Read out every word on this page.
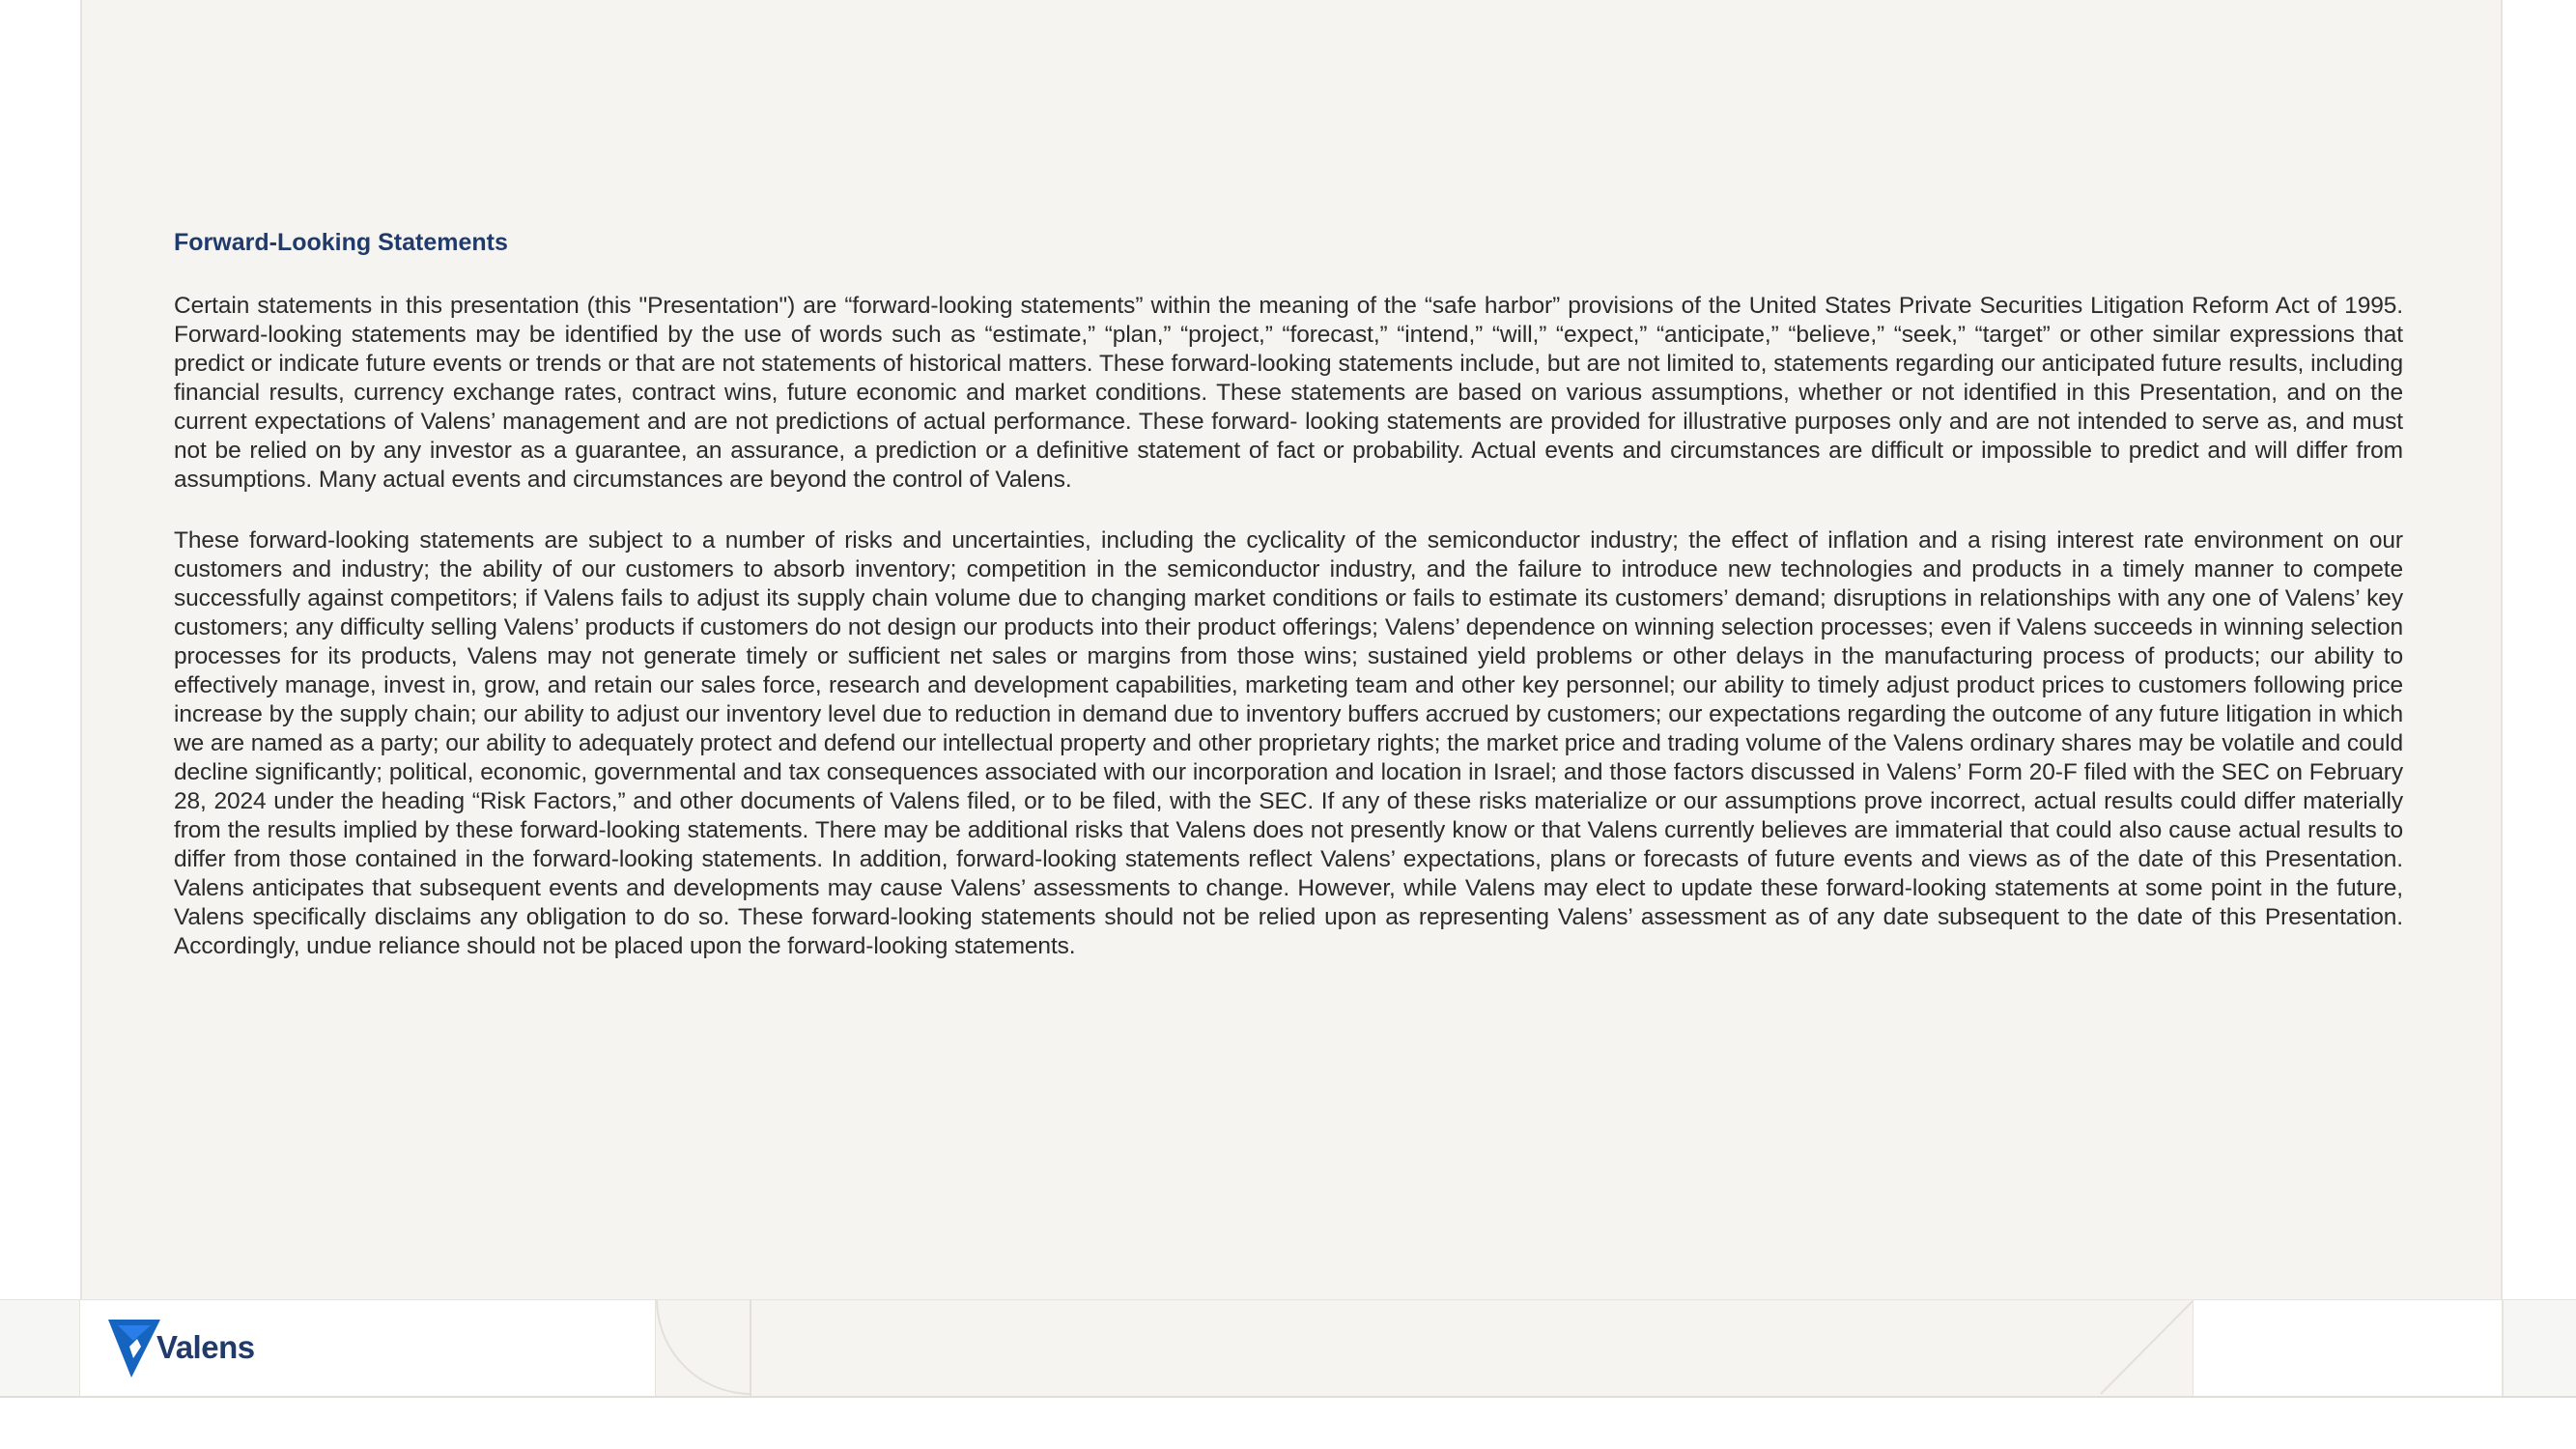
Forward-Looking Statements

Certain statements in this presentation (this "Presentation") are “forward-looking statements” within the meaning of the “safe harbor” provisions of the United States Private Securities Litigation Reform Act of 1995. Forward-looking statements may be identified by the use of words such as “estimate,” “plan,” “project,” “forecast,” “intend,” “will,” “expect,” “anticipate,” “believe,” “seek,” “target” or other similar expressions that predict or indicate future events or trends or that are not statements of historical matters. These forward-looking statements include, but are not limited to, statements regarding our anticipated future results, including financial results, currency exchange rates, contract wins, future economic and market conditions. These statements are based on various assumptions, whether or not identified in this Presentation, and on the current expectations of Valens’ management and are not predictions of actual performance. These forward- looking statements are provided for illustrative purposes only and are not intended to serve as, and must not be relied on by any investor as a guarantee, an assurance, a prediction or a definitive statement of fact or probability. Actual events and circumstances are difficult or impossible to predict and will differ from assumptions. Many actual events and circumstances are beyond the control of Valens.

These forward-looking statements are subject to a number of risks and uncertainties, including the cyclicality of the semiconductor industry; the effect of inflation and a rising interest rate environment on our customers and industry; the ability of our customers to absorb inventory; competition in the semiconductor industry, and the failure to introduce new technologies and products in a timely manner to compete successfully against competitors; if Valens fails to adjust its supply chain volume due to changing market conditions or fails to estimate its customers’ demand; disruptions in relationships with any one of Valens’ key customers; any difficulty selling Valens’ products if customers do not design our products into their product offerings; Valens’ dependence on winning selection processes; even if Valens succeeds in winning selection processes for its products, Valens may not generate timely or sufficient net sales or margins from those wins; sustained yield problems or other delays in the manufacturing process of products; our ability to effectively manage, invest in, grow, and retain our sales force, research and development capabilities, marketing team and other key personnel; our ability to timely adjust product prices to customers following price increase by the supply chain; our ability to adjust our inventory level due to reduction in demand due to inventory buffers accrued by customers; our expectations regarding the outcome of any future litigation in which we are named as a party; our ability to adequately protect and defend our intellectual property and other proprietary rights; the market price and trading volume of the Valens ordinary shares may be volatile and could decline significantly; political, economic, governmental and tax consequences associated with our incorporation and location in Israel; and those factors discussed in Valens’ Form 20-F filed with the SEC on February 28, 2024 under the heading “Risk Factors,” and other documents of Valens filed, or to be filed, with the SEC. If any of these risks materialize or our assumptions prove incorrect, actual results could differ materially from the results implied by these forward-looking statements. There may be additional risks that Valens does not presently know or that Valens currently believes are immaterial that could also cause actual results to differ from those contained in the forward-looking statements. In addition, forward-looking statements reflect Valens’ expectations, plans or forecasts of future events and views as of the date of this Presentation. Valens anticipates that subsequent events and developments may cause Valens’ assessments to change. However, while Valens may elect to update these forward-looking statements at some point in the future, Valens specifically disclaims any obligation to do so. These forward-looking statements should not be relied upon as representing Valens’ assessment as of any date subsequent to the date of this Presentation. Accordingly, undue reliance should not be placed upon the forward-looking statements.

Valens
